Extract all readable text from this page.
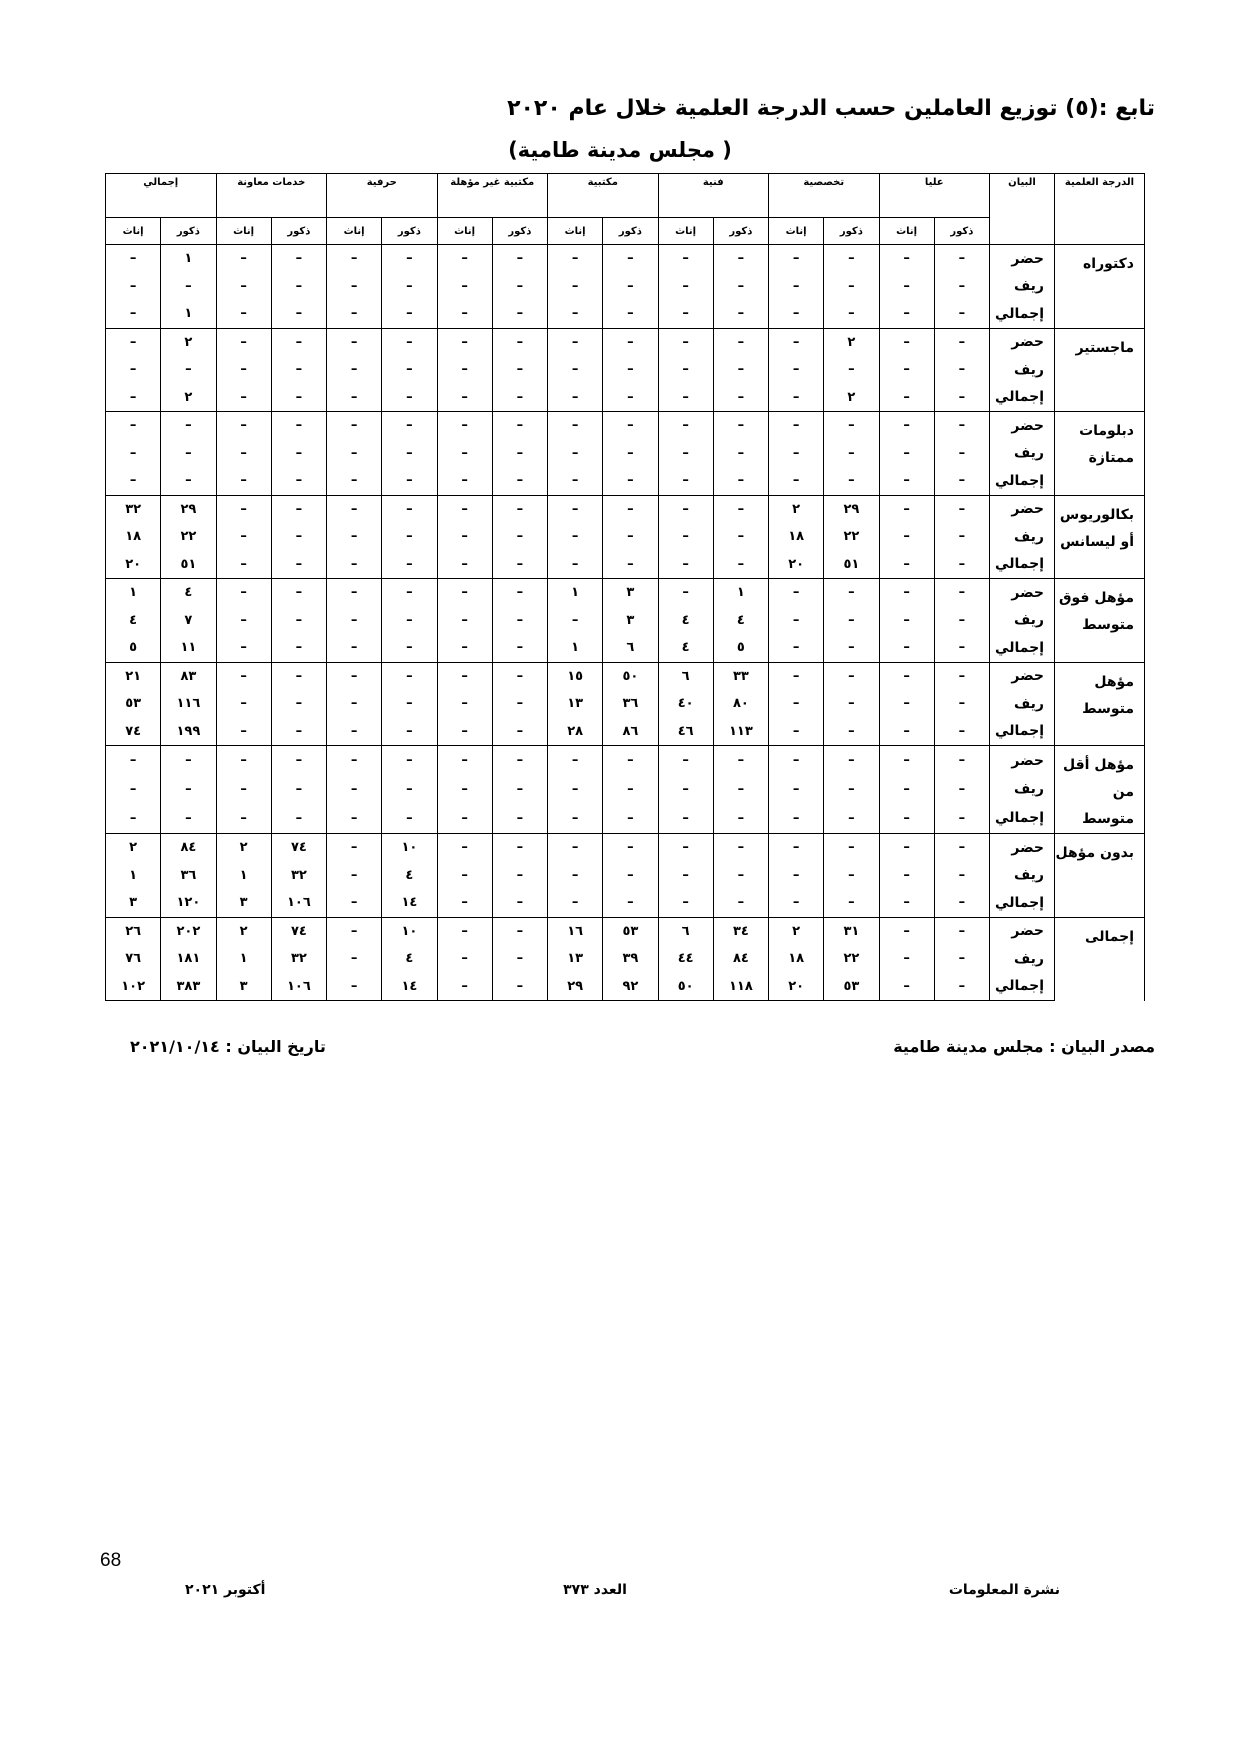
تابع :(٥) توزيع العاملين حسب الدرجة العلمية خلال عام ٢٠٢٠
( مجلس مدينة طامية)
الدرجة العلمية	البيان	عليا		تخصصية		فنية		مكتبية		مكتبية غير مؤهلة		حرفية		خدمات معاونة		إجمالي	
		ذكور	إناث	ذكور	إناث	ذكور	إناث	ذكور	إناث	ذكور	إناث	ذكور	إناث	ذكور	إناث	ذكور	إناث

دكتوراه	حضر	–	–	–	–	–	–	–	–	–	–	–	–	–	–	١	–
	ريف	–	–	–	–	–	–	–	–	–	–	–	–	–	–	–	–
	إجمالي	–	–	–	–	–	–	–	–	–	–	–	–	–	–	١	–

ماجستير	حضر	–	–	٢	–	–	–	–	–	–	–	–	–	–	–	٢	–
	ريف	–	–	–	–	–	–	–	–	–	–	–	–	–	–	–	–
	إجمالي	–	–	٢	–	–	–	–	–	–	–	–	–	–	–	٢	–

دبلومات
ممتازة	حضر	–	–	–	–	–	–	–	–	–	–	–	–	–	–	–	–
	ريف	–	–	–	–	–	–	–	–	–	–	–	–	–	–	–	–
	إجمالي	–	–	–	–	–	–	–	–	–	–	–	–	–	–	–	–

بكالوريوس
أو ليسانس	حضر	–	–	٢٩	٢	–	–	–	–	–	–	–	–	–	–	٢٩	٣٢
	ريف	–	–	٢٢	١٨	–	–	–	–	–	–	–	–	–	–	٢٢	١٨
	إجمالي	–	–	٥١	٢٠	–	–	–	–	–	–	–	–	–	–	٥١	٢٠

مؤهل فوق
متوسط	حضر	–	–	–	–	١	–	٣	١	–	–	–	–	–	–	٤	١
	ريف	–	–	–	–	٤	٤	٣	–	–	–	–	–	–	–	٧	٤
	إجمالي	–	–	–	–	٥	٤	٦	١	–	–	–	–	–	–	١١	٥

مؤهل متوسط	حضر	–	–	–	–	٣٣	٦	٥٠	١٥	–	–	–	–	–	–	٨٣	٢١
	ريف	–	–	–	–	٨٠	٤٠	٣٦	١٣	–	–	–	–	–	–	١١٦	٥٣
	إجمالي	–	–	–	–	١١٣	٤٦	٨٦	٢٨	–	–	–	–	–	–	١٩٩	٧٤

مؤهل أقل من
متوسط	حضر	–	–	–	–	–	–	–	–	–	–	–	–	–	–	–	–
	ريف	–	–	–	–	–	–	–	–	–	–	–	–	–	–	–	–
	إجمالي	–	–	–	–	–	–	–	–	–	–	–	–	–	–	–	–

بدون مؤهل	حضر	–	–	–	–	–	–	–	–	–	–	١٠	–	٧٤	٢	٨٤	٢
	ريف	–	–	–	–	–	–	–	–	–	–	٤	–	٣٢	١	٣٦	١
	إجمالي	–	–	–	–	–	–	–	–	–	–	١٤	–	١٠٦	٣	١٢٠	٣

إجمالى	حضر	–	–	٣١	٢	٣٤	٦	٥٣	١٦	–	–	١٠	–	٧٤	٢	٢٠٢	٢٦
	ريف	–	–	٢٢	١٨	٨٤	٤٤	٣٩	١٣	–	–	٤	–	٣٢	١	١٨١	٧٦
	إجمالي	–	–	٥٣	٢٠	١١٨	٥٠	٩٢	٢٩	–	–	١٤	–	١٠٦	٣	٣٨٣	١٠٢
مصدر البيان : مجلس مدينة طامية
تاريخ البيان : ٢٠٢١/١٠/١٤
68
نشرة المعلومات
العدد ٣٧٣
أكتوبر ٢٠٢١
